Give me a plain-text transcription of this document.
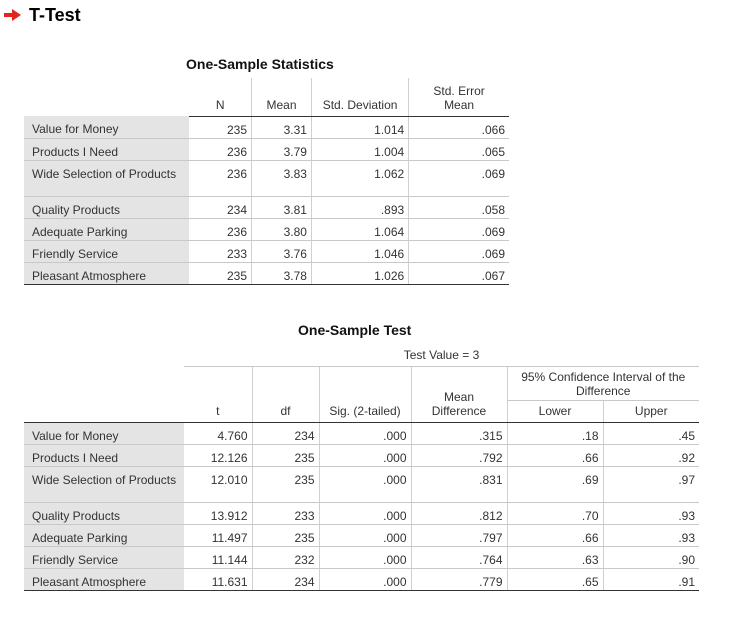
T-Test
One-Sample Statistics
	N	Mean	Std. Deviation	Std. Error Mean
Value for Money	235	3.31	1.014	.066
Products I Need	236	3.79	1.004	.065
Wide Selection of Products	236	3.83	1.062	.069
Quality Products	234	3.81	.893	.058
Adequate Parking	236	3.80	1.064	.069
Friendly Service	233	3.76	1.046	.069
Pleasant Atmosphere	235	3.78	1.026	.067
One-Sample Test
	Test Value = 3					
	t	df	Sig. (2-tailed)	Mean Difference	95% Confidence Interval of the Difference	
					Lower	Upper
Value for Money	4.760	234	.000	.315	.18	.45
Products I Need	12.126	235	.000	.792	.66	.92
Wide Selection of Products	12.010	235	.000	.831	.69	.97
Quality Products	13.912	233	.000	.812	.70	.93
Adequate Parking	11.497	235	.000	.797	.66	.93
Friendly Service	11.144	232	.000	.764	.63	.90
Pleasant Atmosphere	11.631	234	.000	.779	.65	.91
